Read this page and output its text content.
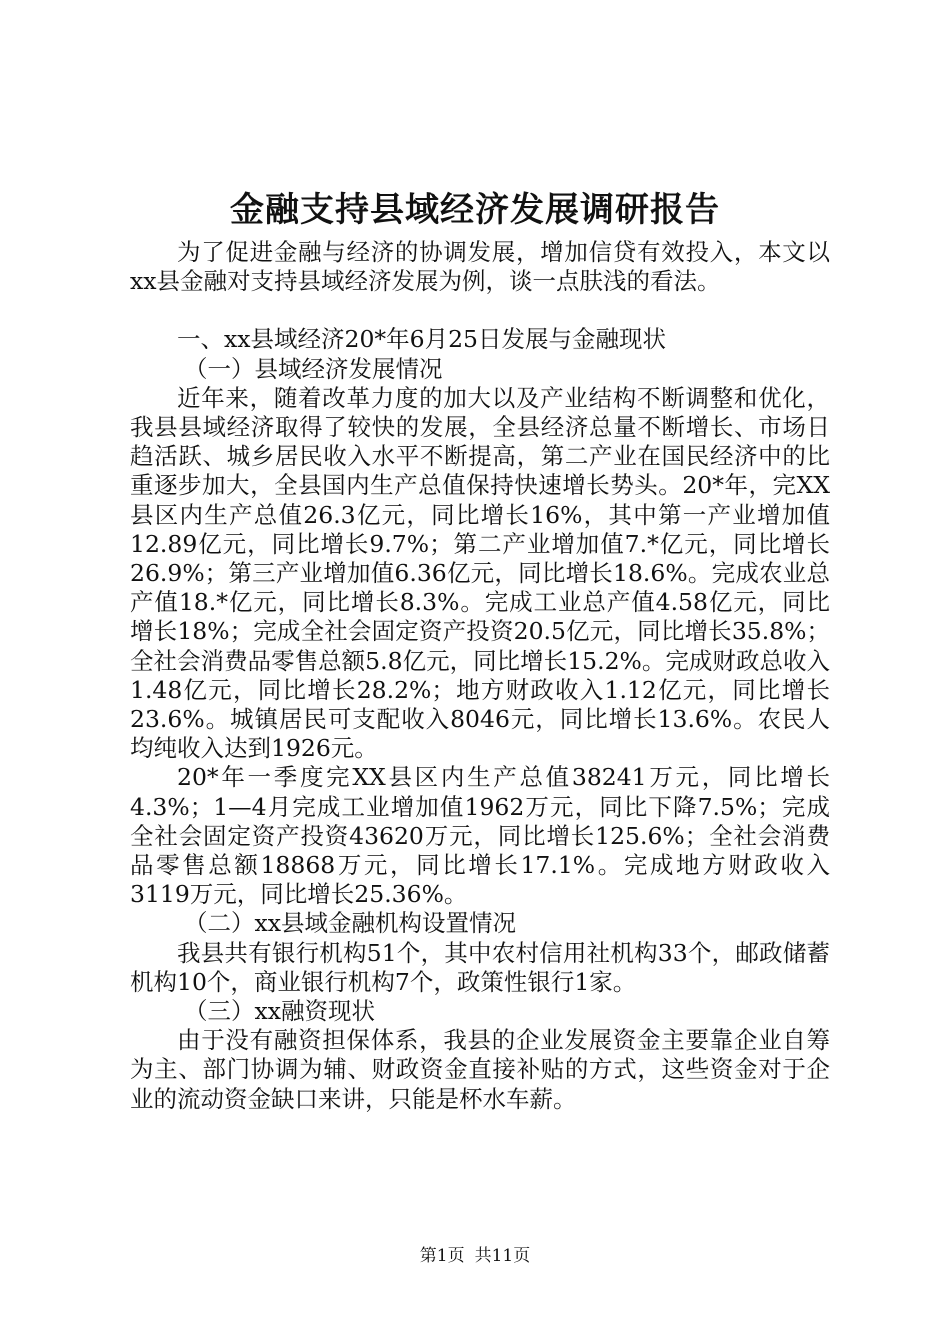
金融支持县域经济发展调研报告

为了促进金融与经济的协调发展，增加信贷有效投入，本文以xx县金融对支持县域经济发展为例，谈一点肤浅的看法。

一、xx县域经济20*年6月25日发展与金融现状

（一）县域经济发展情况

近年来，随着改革力度的加大以及产业结构不断调整和优化，我县县域经济取得了较快的发展，全县经济总量不断增长、市场日趋活跃、城乡居民收入水平不断提高，第二产业在国民经济中的比重逐步加大，全县国内生产总值保持快速增长势头。20*年，完XX县区内生产总值26.3亿元，同比增长16%，其中第一产业增加值12.89亿元，同比增长9.7%；第二产业增加值7.*亿元，同比增长26.9%；第三产业增加值6.36亿元，同比增长18.6%。完成农业总产值18.*亿元，同比增长8.3%。完成工业总产值4.58亿元，同比增长18%；完成全社会固定资产投资20.5亿元，同比增长35.8%；全社会消费品零售总额5.8亿元，同比增长15.2%。完成财政总收入1.48亿元，同比增长28.2%；地方财政收入1.12亿元，同比增长23.6%。城镇居民可支配收入8046元，同比增长13.6%。农民人均纯收入达到1926元。

20*年一季度完XX县区内生产总值38241万元，同比增长4.3%；1—4月完成工业增加值1962万元，同比下降7.5%；完成全社会固定资产投资43620万元，同比增长125.6%；全社会消费品零售总额18868万元，同比增长17.1%。完成地方财政收入3119万元，同比增长25.36%。

（二）xx县域金融机构设置情况

我县共有银行机构51个，其中农村信用社机构33个，邮政储蓄机构10个，商业银行机构7个，政策性银行1家。

（三）xx融资现状

由于没有融资担保体系，我县的企业发展资金主要靠企业自筹为主、部门协调为辅、财政资金直接补贴的方式，这些资金对于企业的流动资金缺口来讲，只能是杯水车薪。

第1页 共11页
